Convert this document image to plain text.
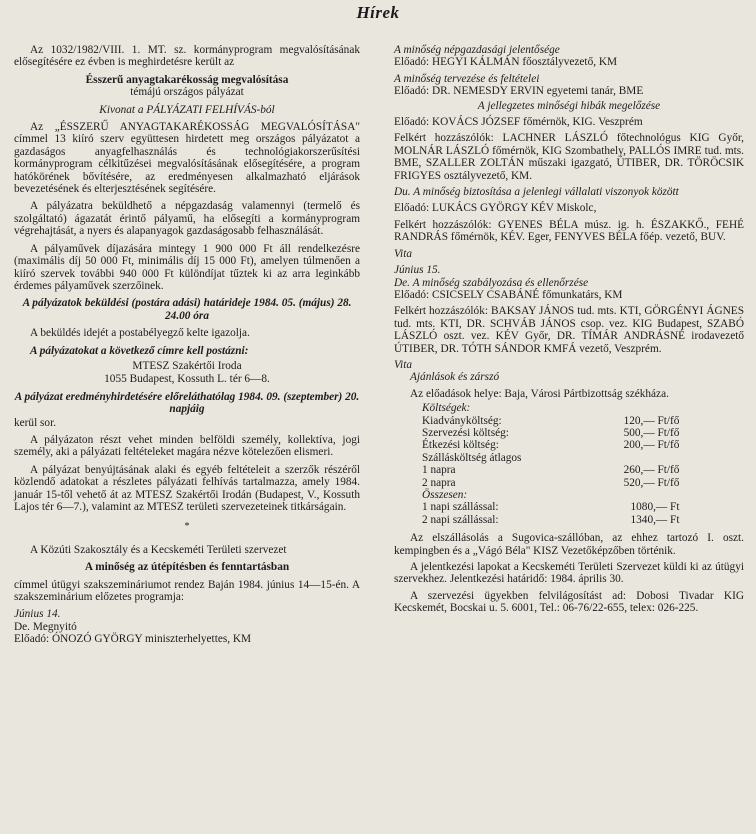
Hírek

Az 1032/1982/VIII. 1. MT. sz. kormányprogram megvalósításának elősegítésére ez évben is meghirdetésre került az

Ésszerű anyagtakarékosság megvalósítása

témájú országos pályázat

Kivonat a PÁLYÁZATI FELHÍVÁS-ból

Az „ÉSSZERŰ ANYAGTAKARÉKOSSÁG MEGVALÓSÍTÁSA" címmel 13 kiíró szerv együttesen hirdetett meg országos pályázatot a gazdaságos anyagfelhasználás és technológiakorszerűsítési kormányprogram célkitűzései megvalósításának elősegítésére, a program hatókörének bővítésére, az eredményesen alkalmazható eljárások bevezetésének és elterjesztésének segítésére.

A pályázatra beküldhető a népgazdaság valamennyi (termelő és szolgáltató) ágazatát érintő pályamű, ha elősegíti a kormányprogram végrehajtását, a nyers és alapanyagok gazdaságosabb felhasználását.

A pályaművek díjazására mintegy 1 900 000 Ft áll rendelkezésre (maximális díj 50 000 Ft, minimális díj 15 000 Ft), amelyen túlmenően a kiíró szervek további 940 000 Ft különdíjat tűztek ki az arra leginkább érdemes pályaművek szerzőinek.

A pályázatok beküldési (postára adási) határideje 1984. 05. (május) 28. 24.00 óra

A beküldés idejét a postabélyegző kelte igazolja.

A pályázatokat a következő címre kell postázni:

MTESZ Szakértői Iroda

1055 Budapest, Kossuth L. tér 6—8.

A pályázat eredményhirdetésére előreláthatólag 1984. 09. (szeptember) 20. napjáig

kerül sor.

A pályázaton részt vehet minden belföldi személy, kollektíva, jogi személy, aki a pályázati feltételeket magára nézve kötelezően elismeri.

A pályázat benyújtásának alaki és egyéb feltételeit a szerzők részéről közlendő adatokat a részletes pályázati felhívás tartalmazza, amely 1984. január 15-től vehető át az MTESZ Szakértői Irodán (Budapest, V., Kossuth Lajos tér 6—7.), valamint az MTESZ területi szervezeteinek titkárságain.

*

A Közúti Szakosztály és a Kecskeméti Területi szervezet

A minőség az útépítésben és fenntartásban

címmel útügyi szakszemináriumot rendez Baján 1984. június 14—15-én. A szakszeminárium előzetes programja:

Június 14.

De. Megnyitó

Előadó: ÓNOZÓ GYÖRGY miniszterhelyettes, KM

A minőség népgazdasági jelentősége

Előadó: HEGYI KÁLMÁN főosztályvezető, KM

A minőség tervezése és feltételei

Előadó: DR. NEMESDY ERVIN egyetemi tanár, BME

A jellegzetes minőségi hibák megelőzése

Előadó: KOVÁCS JÓZSEF főmérnök, KIG. Veszprém

Felkért hozzászólók: LACHNER LÁSZLÓ főtechnológus KIG Győr, MOLNÁR LÁSZLÓ főmérnök, KIG Szombathely, PALLÓS IMRE tud. mts. BME, SZALLER ZOLTÁN műszaki igazgató, ÚTIBER, DR. TÖRÖCSIK FRIGYES osztályvezető, KM.

Du. A minőség biztosítása a jelenlegi vállalati viszonyok között

Előadó: LUKÁCS GYÖRGY KÉV Miskolc,

Felkért hozzászólók: GYENES BÉLA músz. ig. h. ÉSZAKKŐ., FEHÉ RANDRÁS főmérnök, KÉV. Eger, FENYVES BÉLA főép. vezető, BUV.

Vita

Június 15.

De. A minőség szabályozása és ellenőrzése

Előadó: CSICSELY CSABÁNÉ főmunkatárs, KM

Felkért hozzászólók: BAKSAY JÁNOS tud. mts. KTI, GÖRGÉNYI ÁGNES tud. mts. KTI, DR. SCHVÁB JÁNOS csop. vez. KIG Budapest, SZABÓ LÁSZLÓ oszt. vez. KÉV Győr, DR. TÍMÁR ANDRÁSNÉ irodavezető ÚTIBER, DR. TÓTH SÁNDOR KMFÁ vezető, Veszprém.

Vita

Ajánlások és zárszó

Az előadások helye: Baja, Városi Pártbizottság székháza.

Költségek:	
Kiadványköltség:	120,— Ft/fő
Szervezési költség:	500,— Ft/fő
Étkezési költség:	200,— Ft/fő
Szállásköltség átlagos	
1 napra	260,— Ft/fő
2 napra	520,— Ft/fő
Összesen:	
1 napi szállással:	1080,— Ft
2 napi szállással:	1340,— Ft

Az elszállásolás a Sugovica-szállóban, az ehhez tartozó I. oszt. kempingben és a „Vágó Béla" KISZ Vezetőképzőben történik.

A jelentkezési lapokat a Kecskeméti Területi Szervezet küldi ki az útügyi szervekhez. Jelentkezési határidő: 1984. április 30.

A szervezési ügyekben felvilágosítást ad: Dobosi Tivadar KIG Kecskemét, Bocskai u. 5. 6001, Tel.: 06-76/22-655, telex: 026-225.
